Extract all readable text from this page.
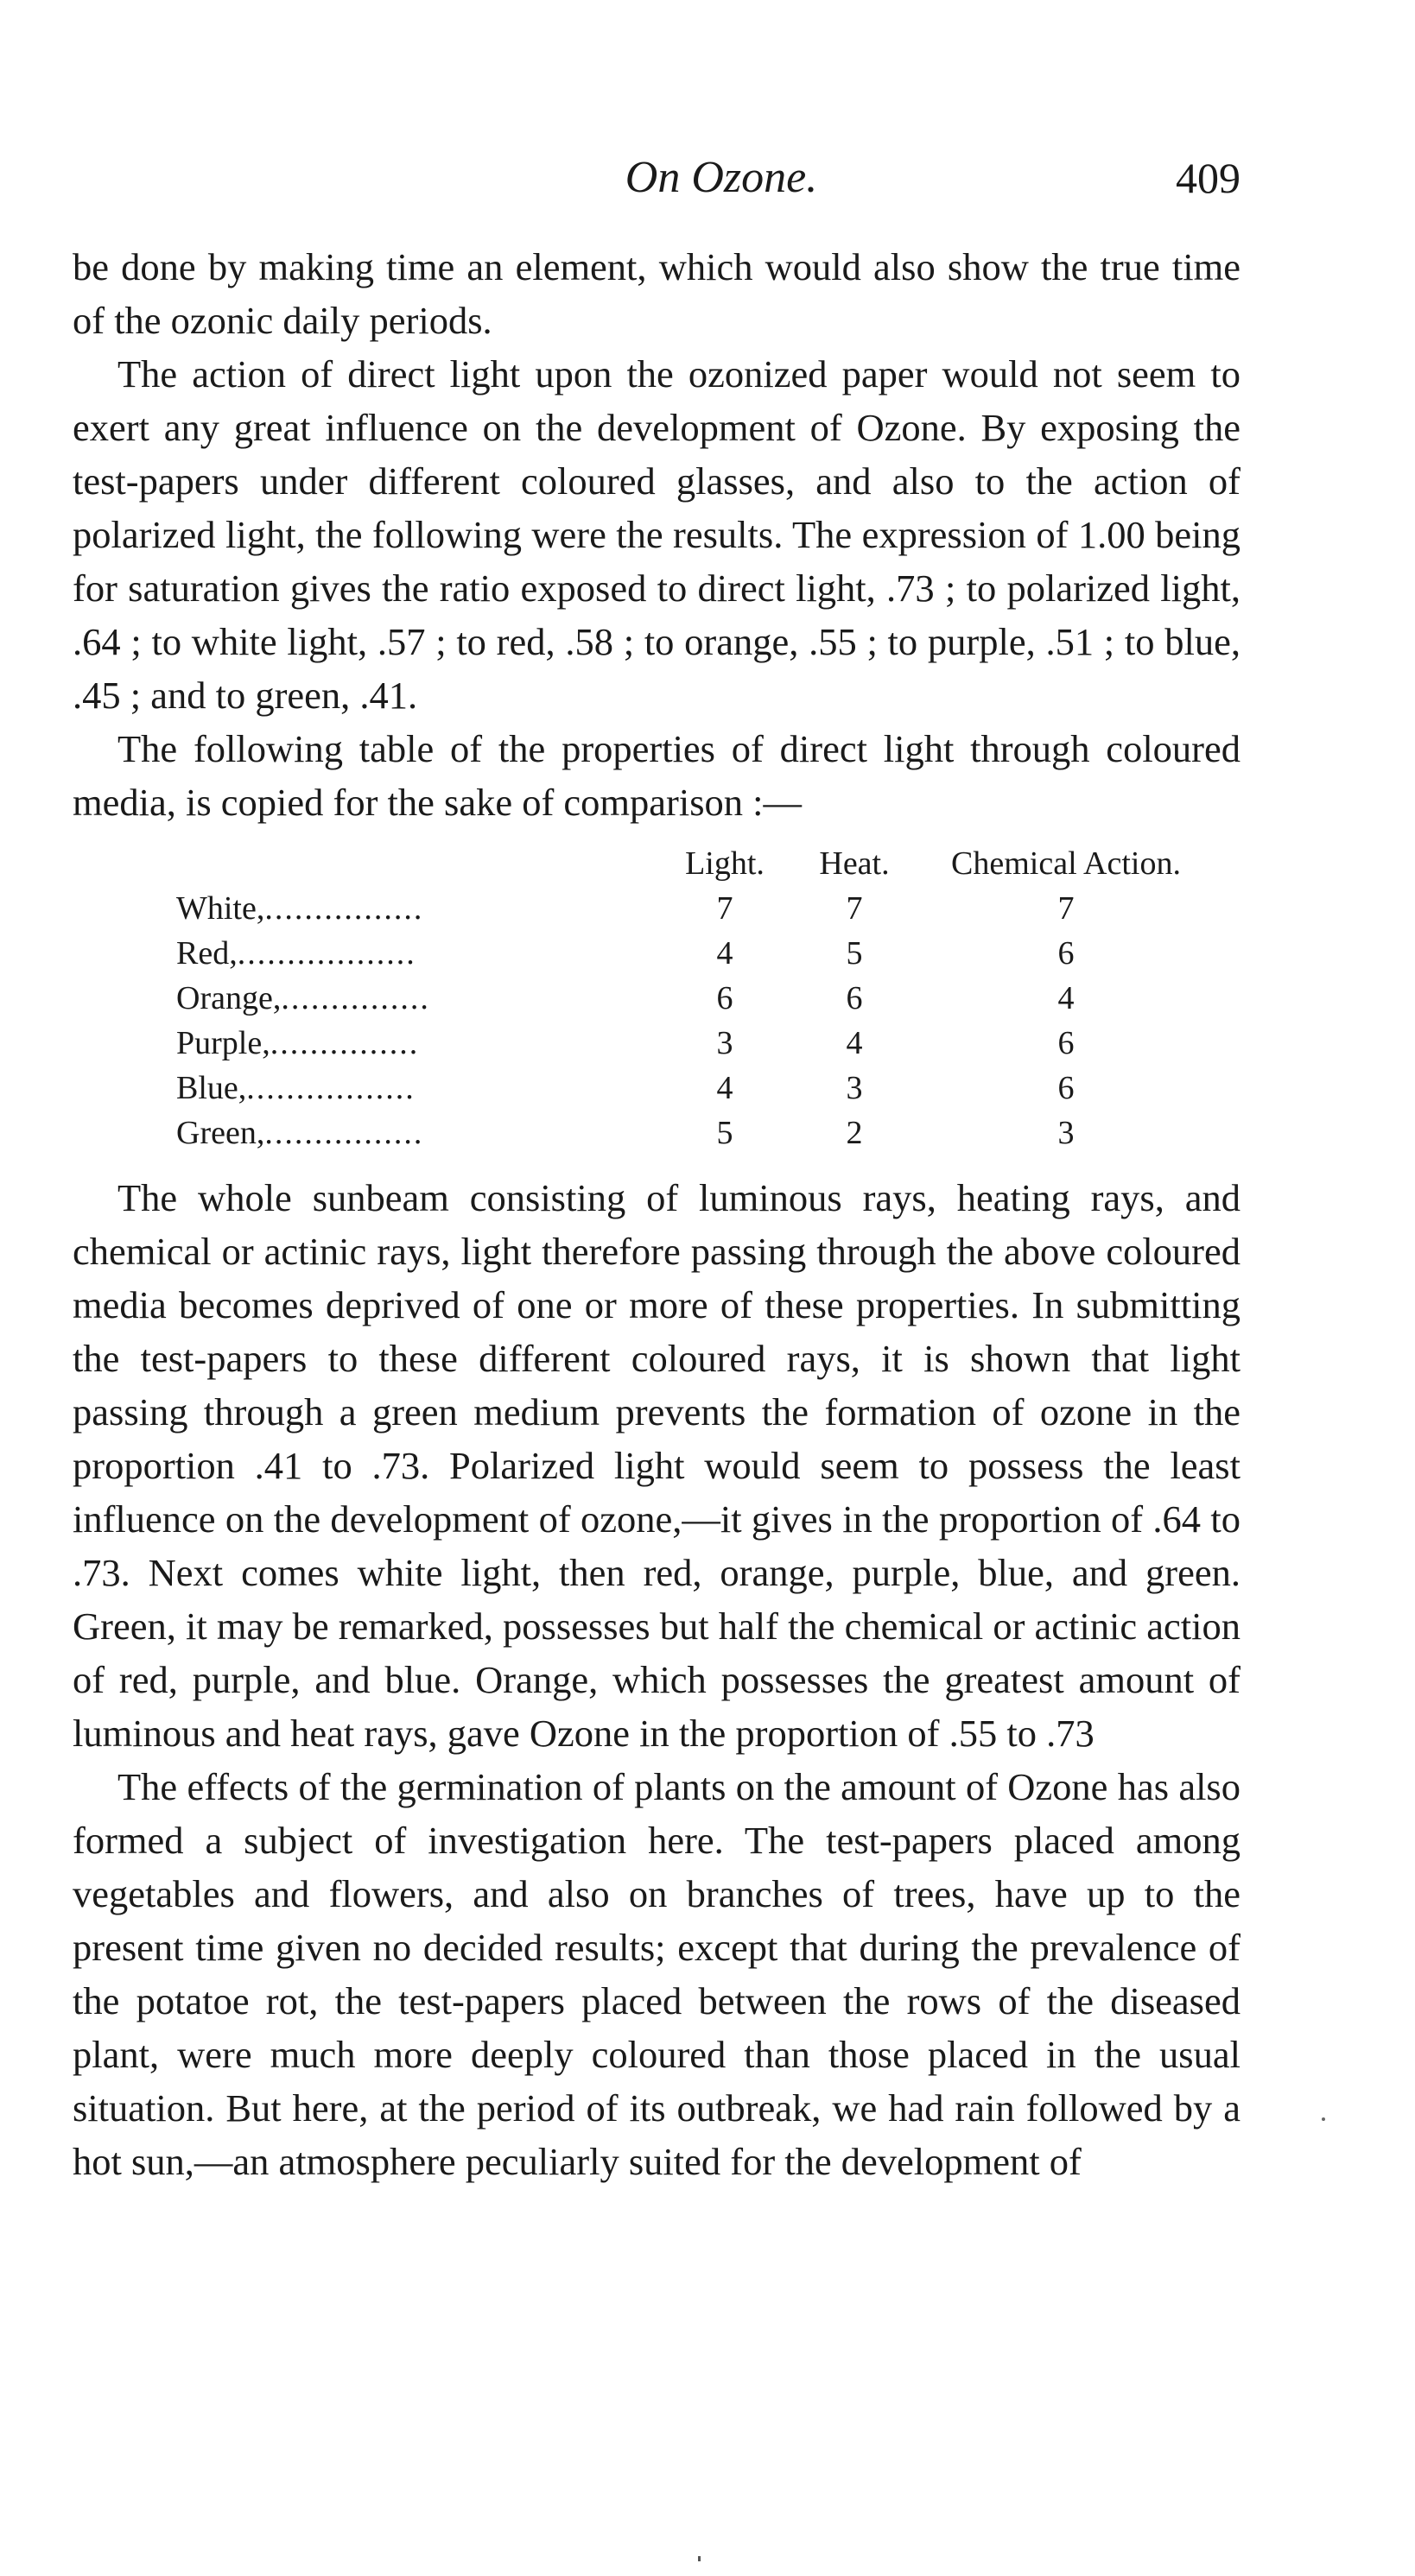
On Ozone.	409

be done by making time an element, which would also show the true time of the ozonic daily periods.

The action of direct light upon the ozonized paper would not seem to exert any great influence on the development of Ozone. By exposing the test-papers under different coloured glasses, and also to the action of polarized light, the following were the results. The expression of 1.00 being for saturation gives the ratio exposed to direct light, .73 ; to polarized light, .64 ; to white light, .57 ; to red, .58 ; to orange, .55 ; to purple, .51 ; to blue, .45 ; and to green, .41.

The following table of the properties of direct light through coloured media, is copied for the sake of comparison :—

	Light.	Heat.	Chemical Action.
White,................	7	7	7
Red,..................	4	5	6
Orange,...............	6	6	4
Purple,...............	3	4	6
Blue,.................	4	3	6
Green,................	5	2	3

The whole sunbeam consisting of luminous rays, heating rays, and chemical or actinic rays, light therefore passing through the above coloured media becomes deprived of one or more of these properties. In submitting the test-papers to these different coloured rays, it is shown that light passing through a green medium prevents the formation of ozone in the proportion .41 to .73. Polarized light would seem to possess the least influence on the development of ozone,—it gives in the proportion of .64 to .73. Next comes white light, then red, orange, purple, blue, and green. Green, it may be remarked, possesses but half the chemical or actinic action of red, purple, and blue. Orange, which possesses the greatest amount of luminous and heat rays, gave Ozone in the proportion of .55 to .73

The effects of the germination of plants on the amount of Ozone has also formed a subject of investigation here. The test-papers placed among vegetables and flowers, and also on branches of trees, have up to the present time given no decided results; except that during the prevalence of the potatoe rot, the test-papers placed between the rows of the diseased plant, were much more deeply coloured than those placed in the usual situation. But here, at the period of its outbreak, we had rain followed by a hot sun,—an atmosphere peculiarly suited for the development of
